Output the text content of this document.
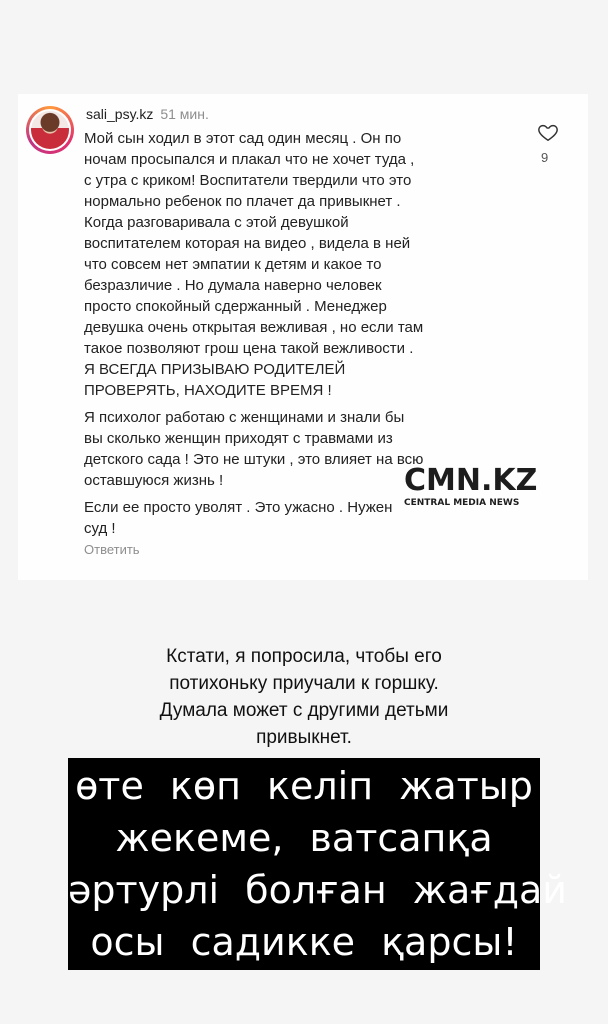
sali_psy.kz 51 мин.

Мой сын ходил в этот сад один месяц . Он по
ночам просыпался и плакал что не хочет туда ,
с утра с криком! Воспитатели твердили что это
нормально ребенок по плачет да привыкнет .
Когда разговаривала с этой девушкой
воспитателем которая на видео , видела в ней
что совсем нет эмпатии к детям и какое то
безразличие . Но думала наверно человек
просто спокойный сдержанный . Менеджер
девушка очень открытая вежливая , но если там
такое позволяют грош цена такой вежливости .
Я ВСЕГДА ПРИЗЫВАЮ РОДИТЕЛЕЙ
ПРОВЕРЯТЬ, НАХОДИТЕ ВРЕМЯ !

Я психолог работаю с женщинами и знали бы
вы сколько женщин приходят с травмами из
детского сада ! Это не штуки , это влияет на всю
оставшуюся жизнь !

Если ее просто уволят . Это ужасно . Нужен
суд !

9
Ответить
CMN.KZ
CENTRAL MEDIA NEWS
Кстати, я попросила, чтобы его
потихоньку приучали к горшку.
Думала может с другими детьми
привыкнет.
өте көп келіп жатыр
жекеме, ватсапқа
әртурлі болған жағдай
осы садикке қарсы!
